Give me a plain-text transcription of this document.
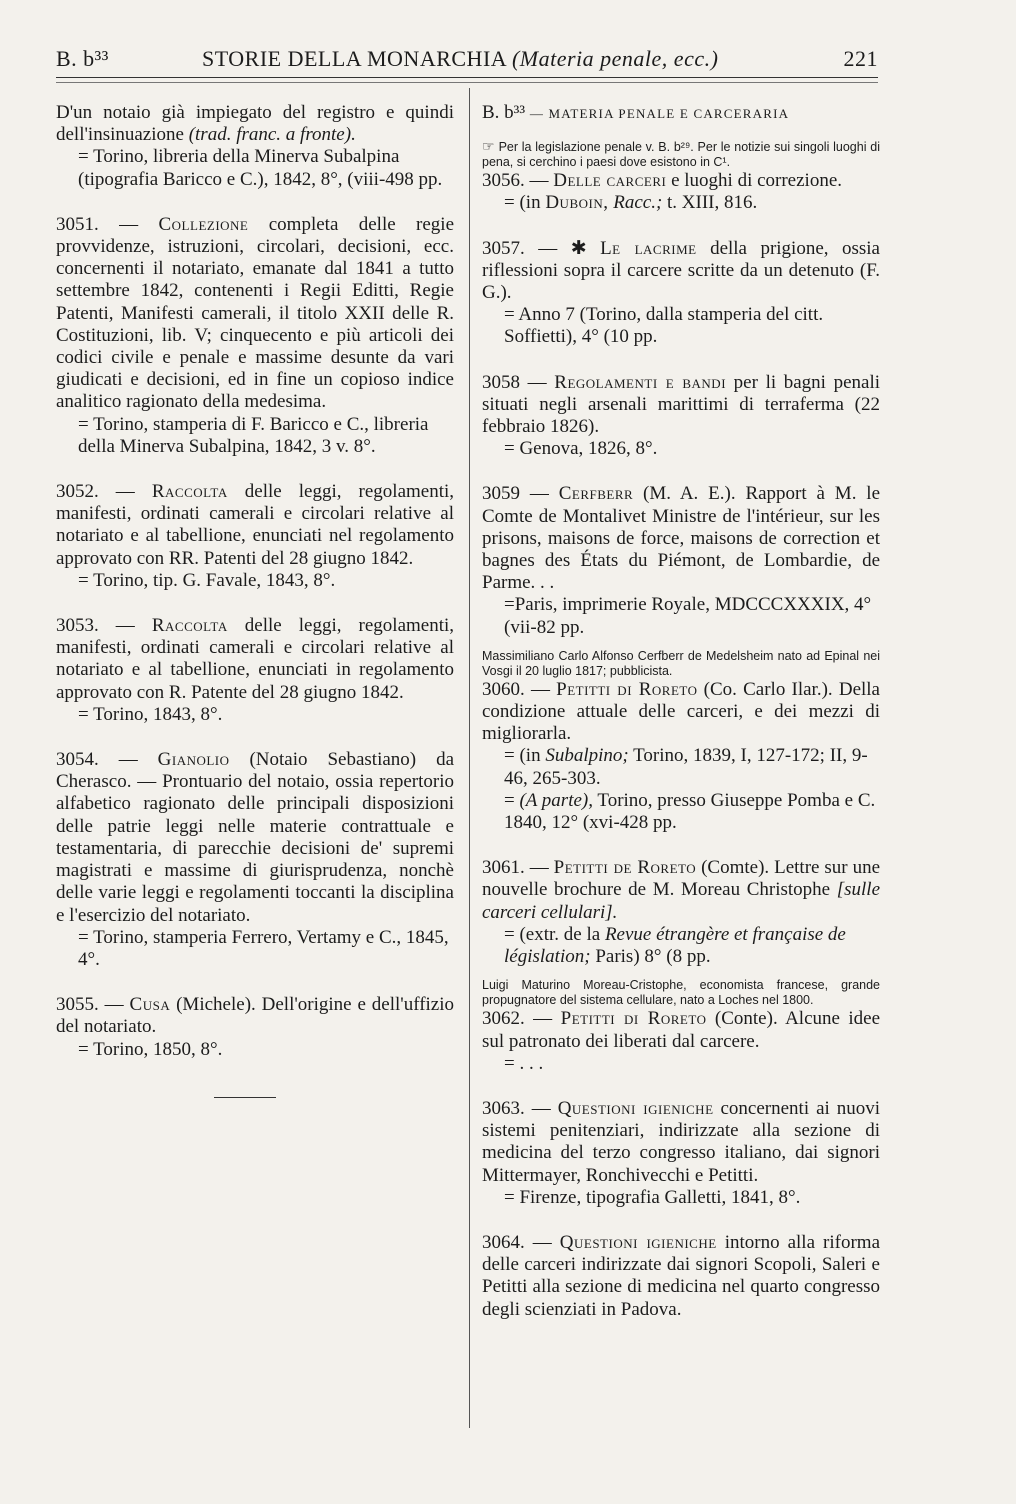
B. b³³	STORIE DELLA MONARCHIA (Materia penale, ecc.)	221

D'un notaio già impiegato del registro e quindi dell'insinuazione (trad. franc. a fronte).

= Torino, libreria della Minerva Subalpina (tipografia Baricco e C.), 1842, 8°, (viii-498 pp.

3051. — Collezione completa delle regie provvidenze, istruzioni, circolari, decisioni, ecc. concernenti il notariato, emanate dal 1841 a tutto settembre 1842, contenenti i Regii Editti, Regie Patenti, Manifesti camerali, il titolo XXII delle R. Costituzioni, lib. V; cinquecento e più articoli dei codici civile e penale e massime desunte da vari giudicati e decisioni, ed in fine un copioso indice analitico ragionato della medesima.

= Torino, stamperia di F. Baricco e C., libreria della Minerva Subalpina, 1842, 3 v. 8°.

3052. — Raccolta delle leggi, regolamenti, manifesti, ordinati camerali e circolari relative al notariato e al tabellione, enunciati nel regolamento approvato con RR. Patenti del 28 giugno 1842.

= Torino, tip. G. Favale, 1843, 8°.

3053. — Raccolta delle leggi, regolamenti, manifesti, ordinati camerali e circolari relative al notariato e al tabellione, enunciati in regolamento approvato con R. Patente del 28 giugno 1842.

= Torino, 1843, 8°.

3054. — Gianolio (Notaio Sebastiano) da Cherasco. — Prontuario del notaio, ossia repertorio alfabetico ragionato delle principali disposizioni delle patrie leggi nelle materie contrattuale e testamentaria, di parecchie decisioni de' supremi magistrati e massime di giurisprudenza, nonchè delle varie leggi e regolamenti toccanti la disciplina e l'esercizio del notariato.

= Torino, stamperia Ferrero, Vertamy e C., 1845, 4°.

3055. — Cusa (Michele). Dell'origine e dell'uffizio del notariato.

= Torino, 1850, 8°.

B. b³³ — MATERIA PENALE E CARCERARIA

☞ Per la legislazione penale v. B. b²⁹. Per le notizie sui singoli luoghi di pena, si cerchino i paesi dove esistono in C¹.

3056. — Delle carceri e luoghi di correzione.

= (in Duboin, Racc.; t. XIII, 816.

3057. — ✱ Le lacrime della prigione, ossia riflessioni sopra il carcere scritte da un detenuto (F. G.).

= Anno 7 (Torino, dalla stamperia del citt. Soffietti), 4° (10 pp.

3058 — Regolamenti e bandi per li bagni penali situati negli arsenali marittimi di terraferma (22 febbraio 1826).

= Genova, 1826, 8°.

3059 — Cerfberr (M. A. E.). Rapport à M. le Comte de Montalivet Ministre de l'intérieur, sur les prisons, maisons de force, maisons de correction et bagnes des États du Piémont, de Lombardie, de Parme. . .

=Paris, imprimerie Royale, MDCCCXXXIX, 4° (vii-82 pp.

Massimiliano Carlo Alfonso Cerfberr de Medelsheim nato ad Epinal nei Vosgi il 20 luglio 1817; pubblicista.

3060. — Petitti di Roreto (Co. Carlo Ilar.). Della condizione attuale delle carceri, e dei mezzi di migliorarla.

= (in Subalpino; Torino, 1839, I, 127-172; II, 9-46, 265-303.

= (A parte), Torino, presso Giuseppe Pomba e C. 1840, 12° (xvi-428 pp.

3061. — Petitti de Roreto (Comte). Lettre sur une nouvelle brochure de M. Moreau Christophe [sulle carceri cellulari].

= (extr. de la Revue étrangère et française de législation; Paris) 8° (8 pp.

Luigi Maturino Moreau-Cristophe, economista francese, grande propugnatore del sistema cellulare, nato a Loches nel 1800.

3062. — Petitti di Roreto (Conte). Alcune idee sul patronato dei liberati dal carcere.

= . . .

3063. — Questioni igieniche concernenti ai nuovi sistemi penitenziari, indirizzate alla sezione di medicina del terzo congresso italiano, dai signori Mittermayer, Ronchivecchi e Petitti.

= Firenze, tipografia Galletti, 1841, 8°.

3064. — Questioni igieniche intorno alla riforma delle carceri indirizzate dai signori Scopoli, Saleri e Petitti alla sezione di medicina nel quarto congresso degli scienziati in Padova.
